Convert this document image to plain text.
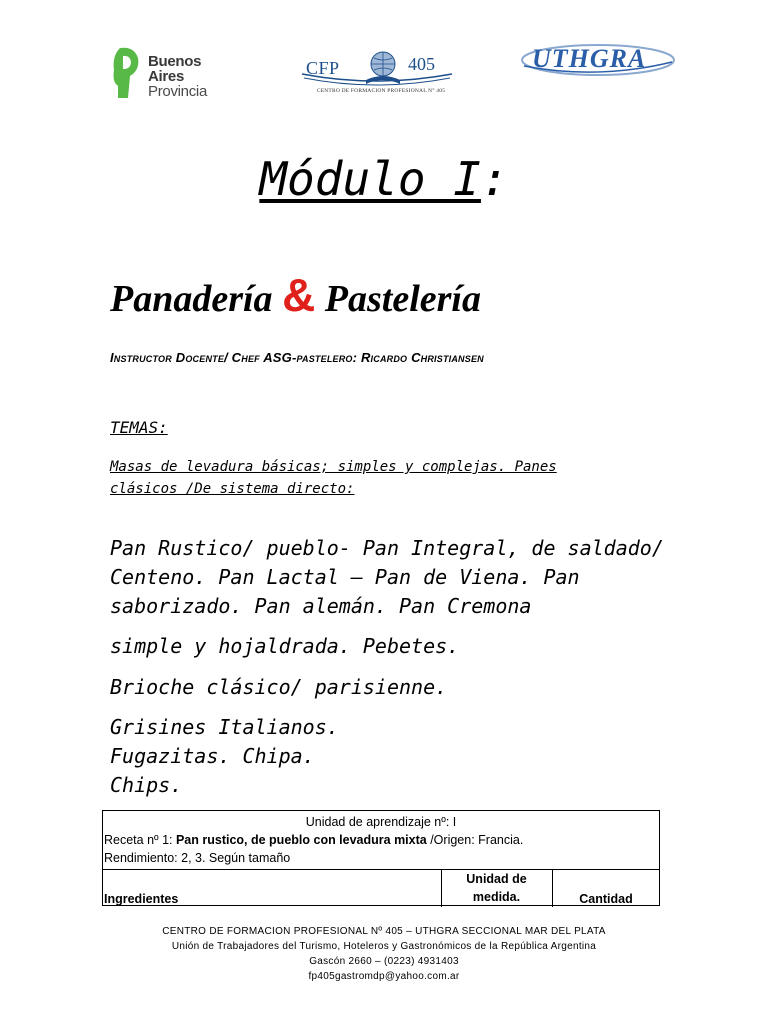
Buenos Aires
Provincia
CFP	405
CENTRO DE FORMACION PROFESIONAL N° 405
UTHGRA
Módulo I:
Panadería & Pastelería
Instructor Docente/ Chef ASG-pastelero: Ricardo Christiansen
TEMAS:
Masas de levadura básicas; simples y complejas. Panes clásicos /De sistema directo:
Pan Rustico/ pueblo- Pan Integral, de saldado/ Centeno. Pan Lactal – Pan de Viena. Pan saborizado. Pan alemán. Pan Cremona
simple y hojaldrada. Pebetes.
Brioche clásico/ parisienne.
Grisines Italianos.
Fugazitas. Chipa.
Chips.
Unidad de aprendizaje nº: I
Receta nº 1: Pan rustico, de pueblo con levadura mixta /Origen: Francia.
Rendimiento: 2, 3. Según tamaño
Ingredientes
Unidad de
medida.	Cantidad
CENTRO DE FORMACION PROFESIONAL Nº 405 – UTHGRA SECCIONAL MAR DEL PLATA
Unión de Trabajadores del Turismo, Hoteleros y Gastronómicos de la República Argentina
Gascón 2660 – (0223) 4931403
fp405gastromdp@yahoo.com.ar
